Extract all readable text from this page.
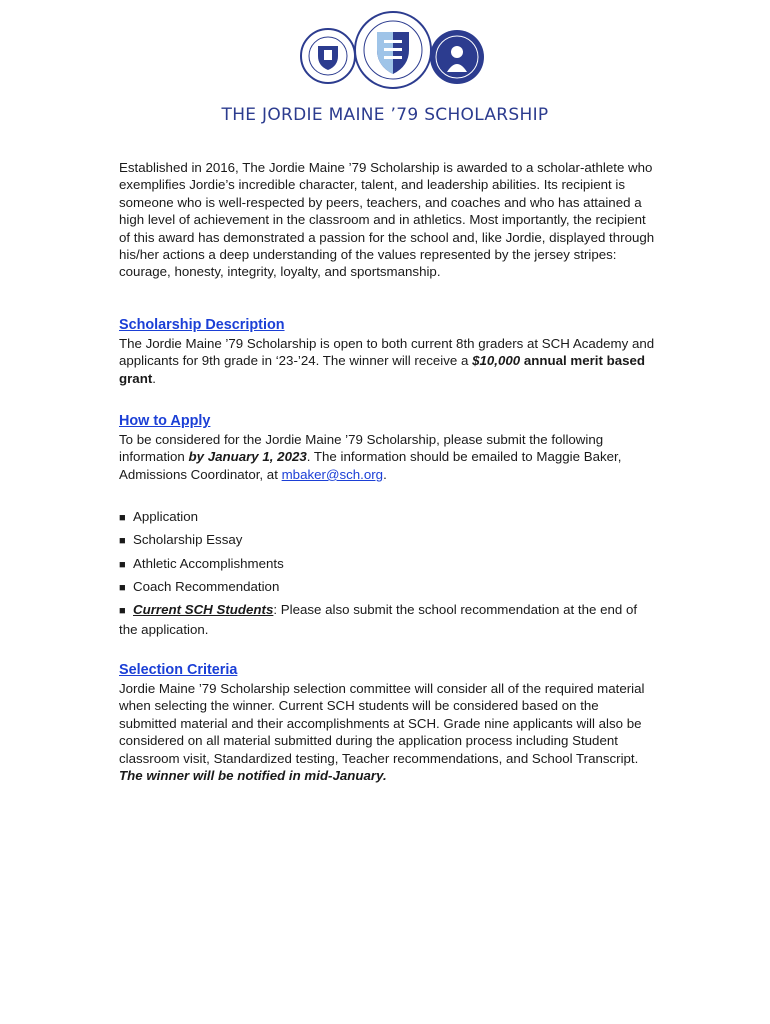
THE JORDIE MAINE ’79 SCHOLARSHIP
Established in 2016, The Jordie Maine ’79 Scholarship is awarded to a scholar-athlete who exemplifies Jordie’s incredible character, talent, and leadership abilities. Its recipient is someone who is well-respected by peers, teachers, and coaches and who has attained a high level of achievement in the classroom and in athletics. Most importantly, the recipient of this award has demonstrated a passion for the school and, like Jordie, displayed through his/her actions a deep understanding of the values represented by the jersey stripes: courage, honesty, integrity, loyalty, and sportsmanship.
Scholarship Description
The Jordie Maine ’79 Scholarship is open to both current 8th graders at SCH Academy and applicants for 9th grade in ‘23-’24. The winner will receive a $10,000 annual merit based grant.
How to Apply
To be considered for the Jordie Maine ’79 Scholarship, please submit the following information by January 1, 2023. The information should be emailed to Maggie Baker, Admissions Coordinator, at mbaker@sch.org.
■ Application
■ Scholarship Essay
■ Athletic Accomplishments
■ Coach Recommendation
■ Current SCH Students: Please also submit the school recommendation at the end of the application.
Selection Criteria
Jordie Maine ’79 Scholarship selection committee will consider all of the required material when selecting the winner. Current SCH students will be considered based on the submitted material and their accomplishments at SCH. Grade nine applicants will also be considered on all material submitted during the application process including Student classroom visit, Standardized testing, Teacher recommendations, and School Transcript. The winner will be notified in mid-January.
